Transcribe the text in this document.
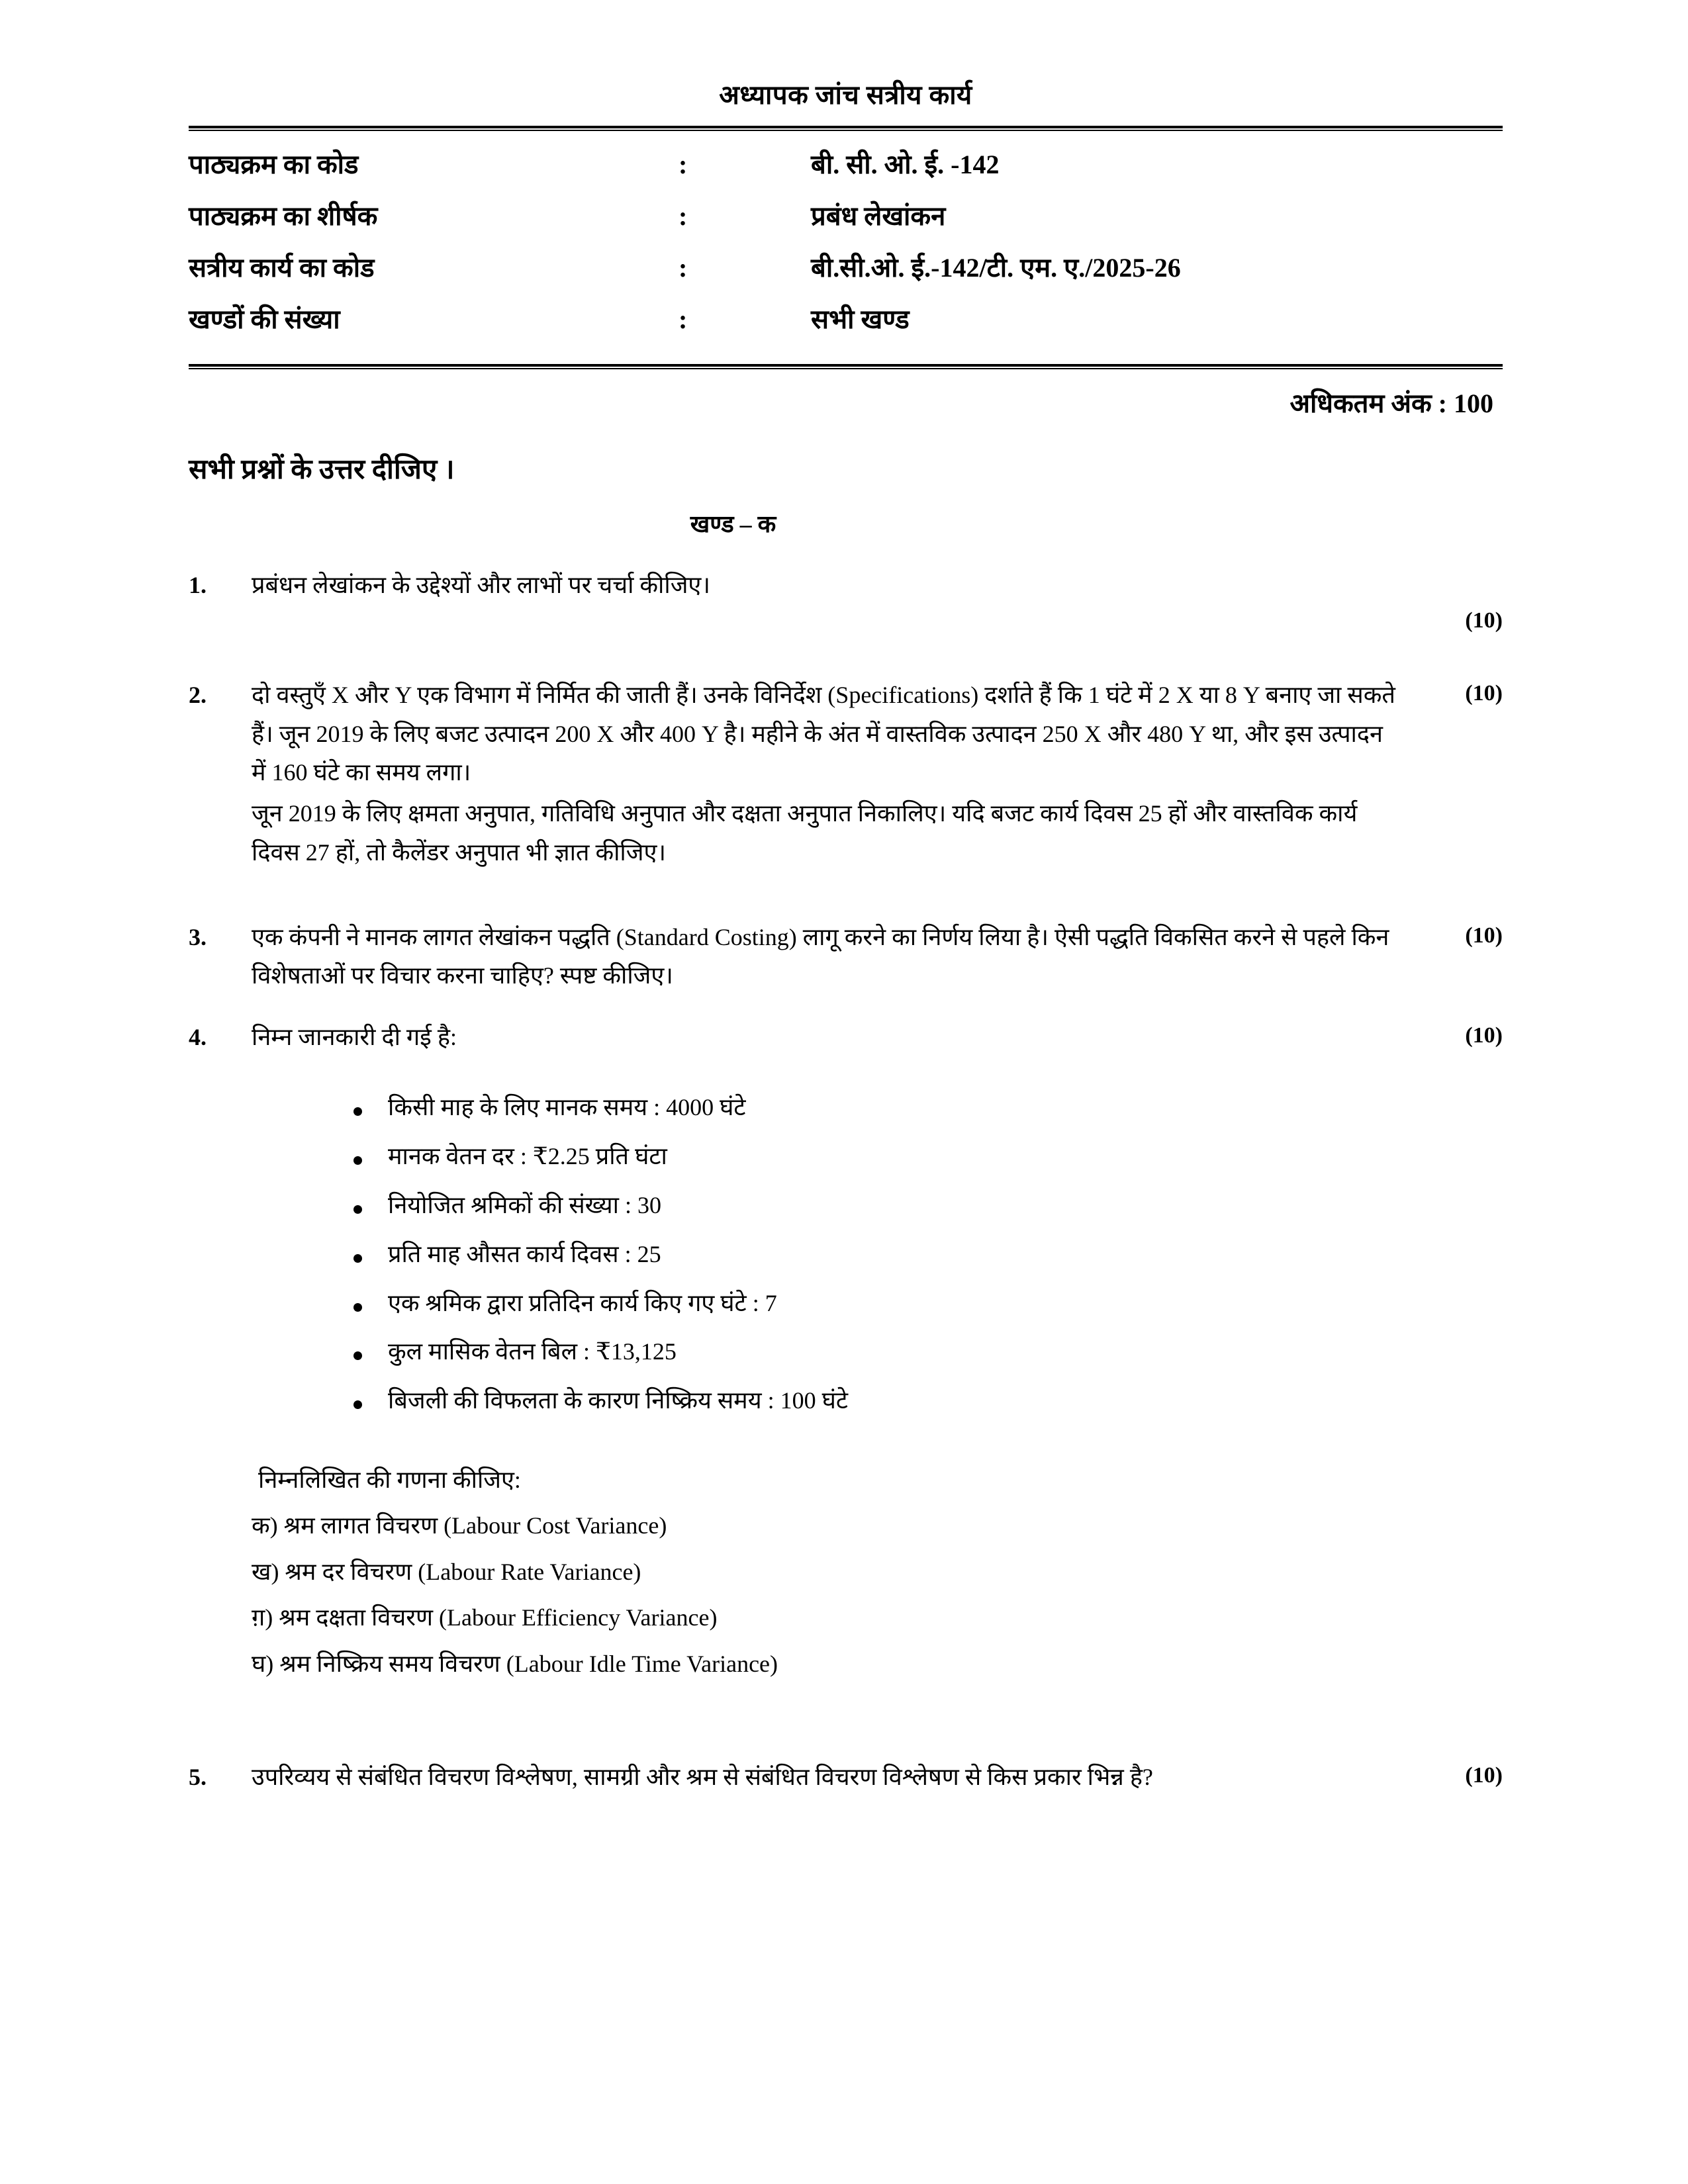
अध्यापक जांच सत्रीय कार्य
पाठ्यक्रम का कोड	:	बी. सी. ओ. ई. -142
पाठ्यक्रम का शीर्षक	:	प्रबंध लेखांकन
सत्रीय कार्य का कोड	:	बी.सी.ओ. ई.-142/टी. एम. ए./2025-26
खण्डों की संख्या	:	सभी खण्ड
अधिकतम अंक : 100
सभी प्रश्नों के उत्तर दीजिए ।
खण्ड – क
1.	प्रबंधन लेखांकन के उद्देश्यों और लाभों पर चर्चा कीजिए।

(10)
2.	दो वस्तुएँ X और Y एक विभाग में निर्मित की जाती हैं। उनके विनिर्देश (Specifications) दर्शाते हैं कि 1 घंटे में 2 X या 8 Y बनाए जा सकते हैं। जून 2019 के लिए बजट उत्पादन 200 X और 400 Y है। महीने के अंत में वास्तविक उत्पादन 250 X और 480 Y था, और इस उत्पादन में 160 घंटे का समय लगा।

जून 2019 के लिए क्षमता अनुपात, गतिविधि अनुपात और दक्षता अनुपात निकालिए। यदि बजट कार्य दिवस 25 हों और वास्तविक कार्य दिवस 27 हों, तो कैलेंडर अनुपात भी ज्ञात कीजिए।

(10)
3.	एक कंपनी ने मानक लागत लेखांकन पद्धति (Standard Costing) लागू करने का निर्णय लिया है। ऐसी पद्धति विकसित करने से पहले किन विशेषताओं पर विचार करना चाहिए? स्पष्ट कीजिए।

(10)
4.	निम्न जानकारी दी गई है:

किसी माह के लिए मानक समय : 4000 घंटे
मानक वेतन दर : ₹2.25 प्रति घंटा
नियोजित श्रमिकों की संख्या : 30
प्रति माह औसत कार्य दिवस : 25
एक श्रमिक द्वारा प्रतिदिन कार्य किए गए घंटे : 7
कुल मासिक वेतन बिल : ₹13,125
बिजली की विफलता के कारण निष्क्रिय समय : 100 घंटे
निम्नलिखित की गणना कीजिए:
क) श्रम लागत विचरण (Labour Cost Variance)
ख) श्रम दर विचरण (Labour Rate Variance)
ग़) श्रम दक्षता विचरण (Labour Efficiency Variance)
घ) श्रम निष्क्रिय समय विचरण (Labour Idle Time Variance)
(10)
5.	उपरिव्यय से संबंधित विचरण विश्लेषण, सामग्री और श्रम से संबंधित विचरण विश्लेषण से किस प्रकार भिन्न है?	(10)
